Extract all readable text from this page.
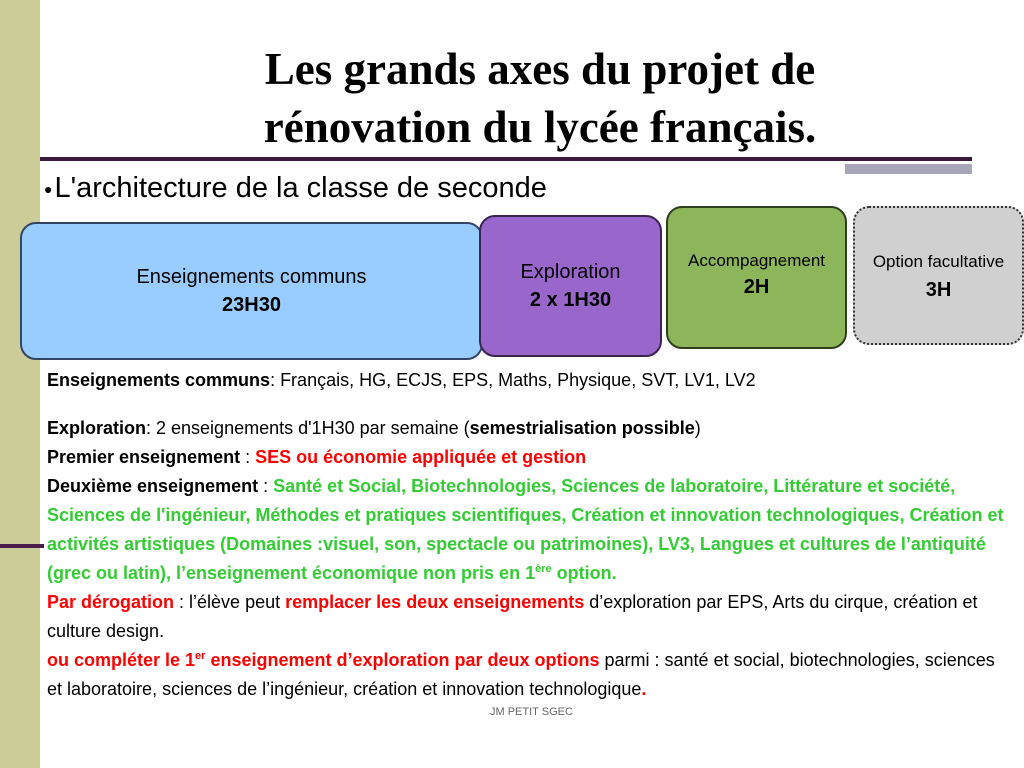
Les grands axes du projet de
rénovation du lycée français.
●L'architecture de la classe de seconde
Enseignements communs
23H30
Exploration
2 x 1H30
Accompagnement
2H
Option facultative
3H
Enseignements communs: Français, HG, ECJS, EPS, Maths, Physique, SVT, LV1, LV2
Exploration: 2 enseignements d'1H30 par semaine (semestrialisation possible)
Premier enseignement : SES ou économie appliquée et gestion
Deuxième enseignement : Santé et Social, Biotechnologies, Sciences de laboratoire, Littérature et société, Sciences de l'ingénieur, Méthodes et pratiques scientifiques, Création et innovation technologiques, Création et activités artistiques (Domaines :visuel, son, spectacle ou patrimoines), LV3, Langues et cultures de l’antiquité (grec ou latin), l’enseignement économique non pris en 1ère option.
Par dérogation : l’élève peut remplacer les deux enseignements d’exploration par EPS, Arts du cirque, création et culture design.
ou compléter le 1er enseignement d’exploration par deux options parmi : santé et social, biotechnologies, sciences et laboratoire, sciences de l’ingénieur, création et innovation technologique.
JM PETIT SGEC
